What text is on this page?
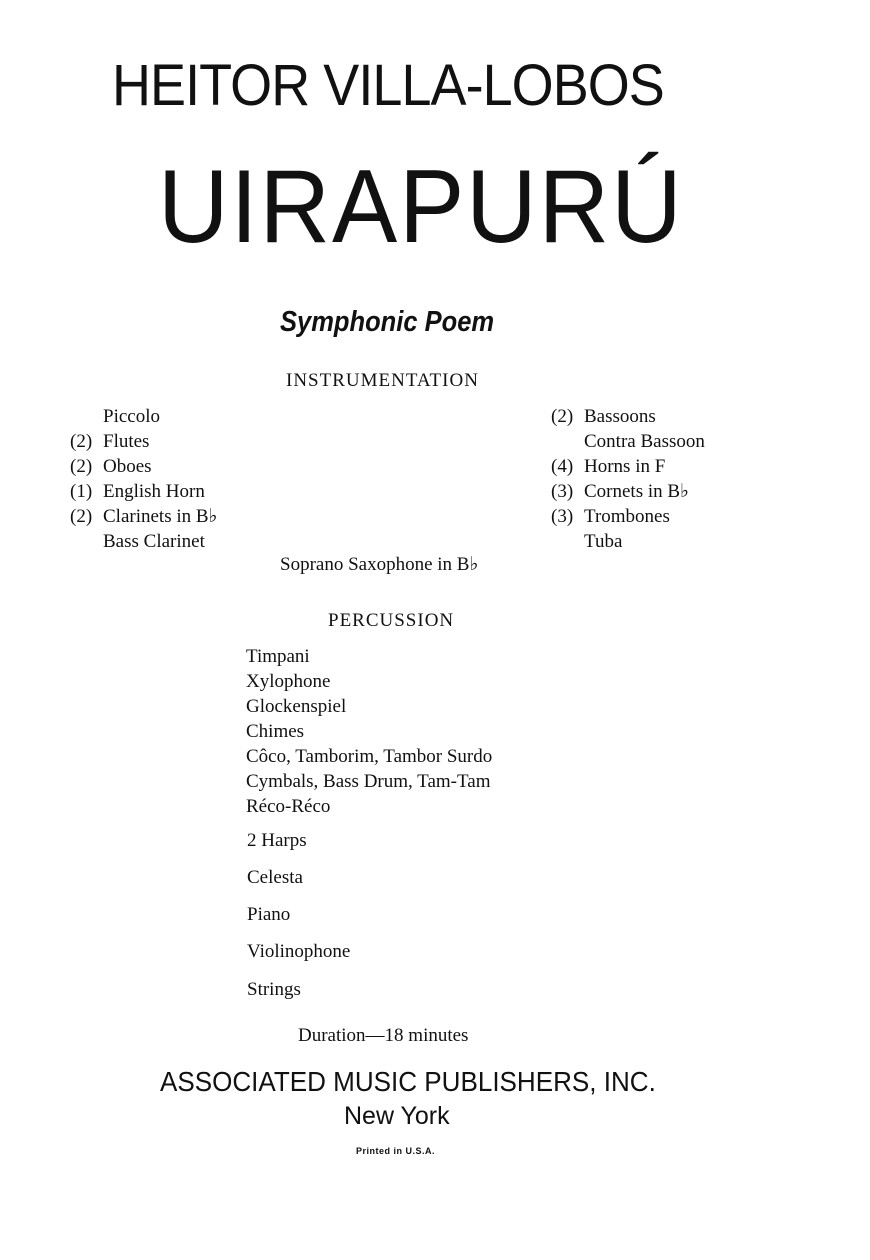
HEITOR VILLA-LOBOS
UIRAPURÚ
Symphonic Poem
INSTRUMENTATION
Piccolo
(2) Flutes
(2) Oboes
(1) English Horn
(2) Clarinets in B♭
Bass Clarinet
(2) Bassoons
Contra Bassoon
(4) Horns in F
(3) Cornets in B♭
(3) Trombones
Tuba
Soprano Saxophone in B♭
PERCUSSION
Timpani
Xylophone
Glockenspiel
Chimes
Côco, Tamborim, Tambor Surdo
Cymbals, Bass Drum, Tam-Tam
Réco-Réco
2 Harps
Celesta
Piano
Violinophone
Strings
Duration—18 minutes
ASSOCIATED MUSIC PUBLISHERS, INC.
New York
Printed in U.S.A.
